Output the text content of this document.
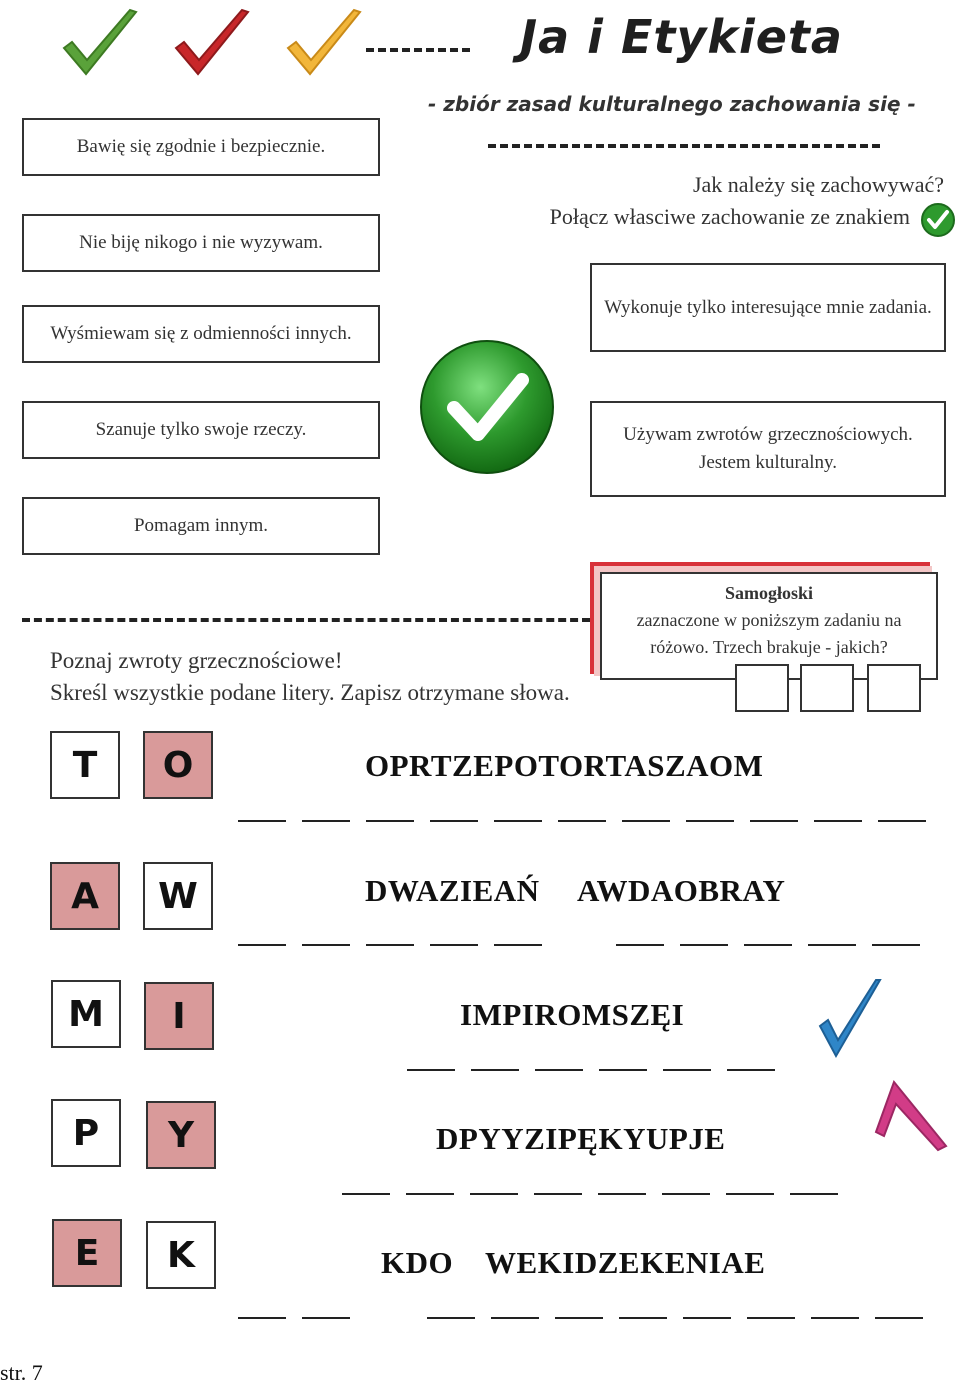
Ja i Etykieta
- zbiór zasad kulturalnego zachowania się -
Jak należy się zachowywać?
Połącz własciwe zachowanie ze znakiem
Bawię się zgodnie i bezpiecznie.
Nie biję nikogo i nie wyzywam.
Wyśmiewam się z odmienności innych.
Szanuje tylko swoje rzeczy.
Pomagam innym.
Wykonuje tylko interesujące mnie zadania.
Używam zwrotów grzecznościowych. Jestem kulturalny.
Poznaj zwroty grzecznościowe!
Skreśl wszystkie podane litery. Zapisz otrzymane słowa.
Samogłoski
zaznaczone w poniższym zadaniu na różowo. Trzech brakuje - jakich?
T O
A W
M I
P Y
E K
OPRTZEPOTORTASZAOM
DWAZIEAŃ AWDAOBRAY
IMPIROMSZĘI
DPYYZIPĘKYUPJE
KDO WEKIDZEKENIAE
str. 7
